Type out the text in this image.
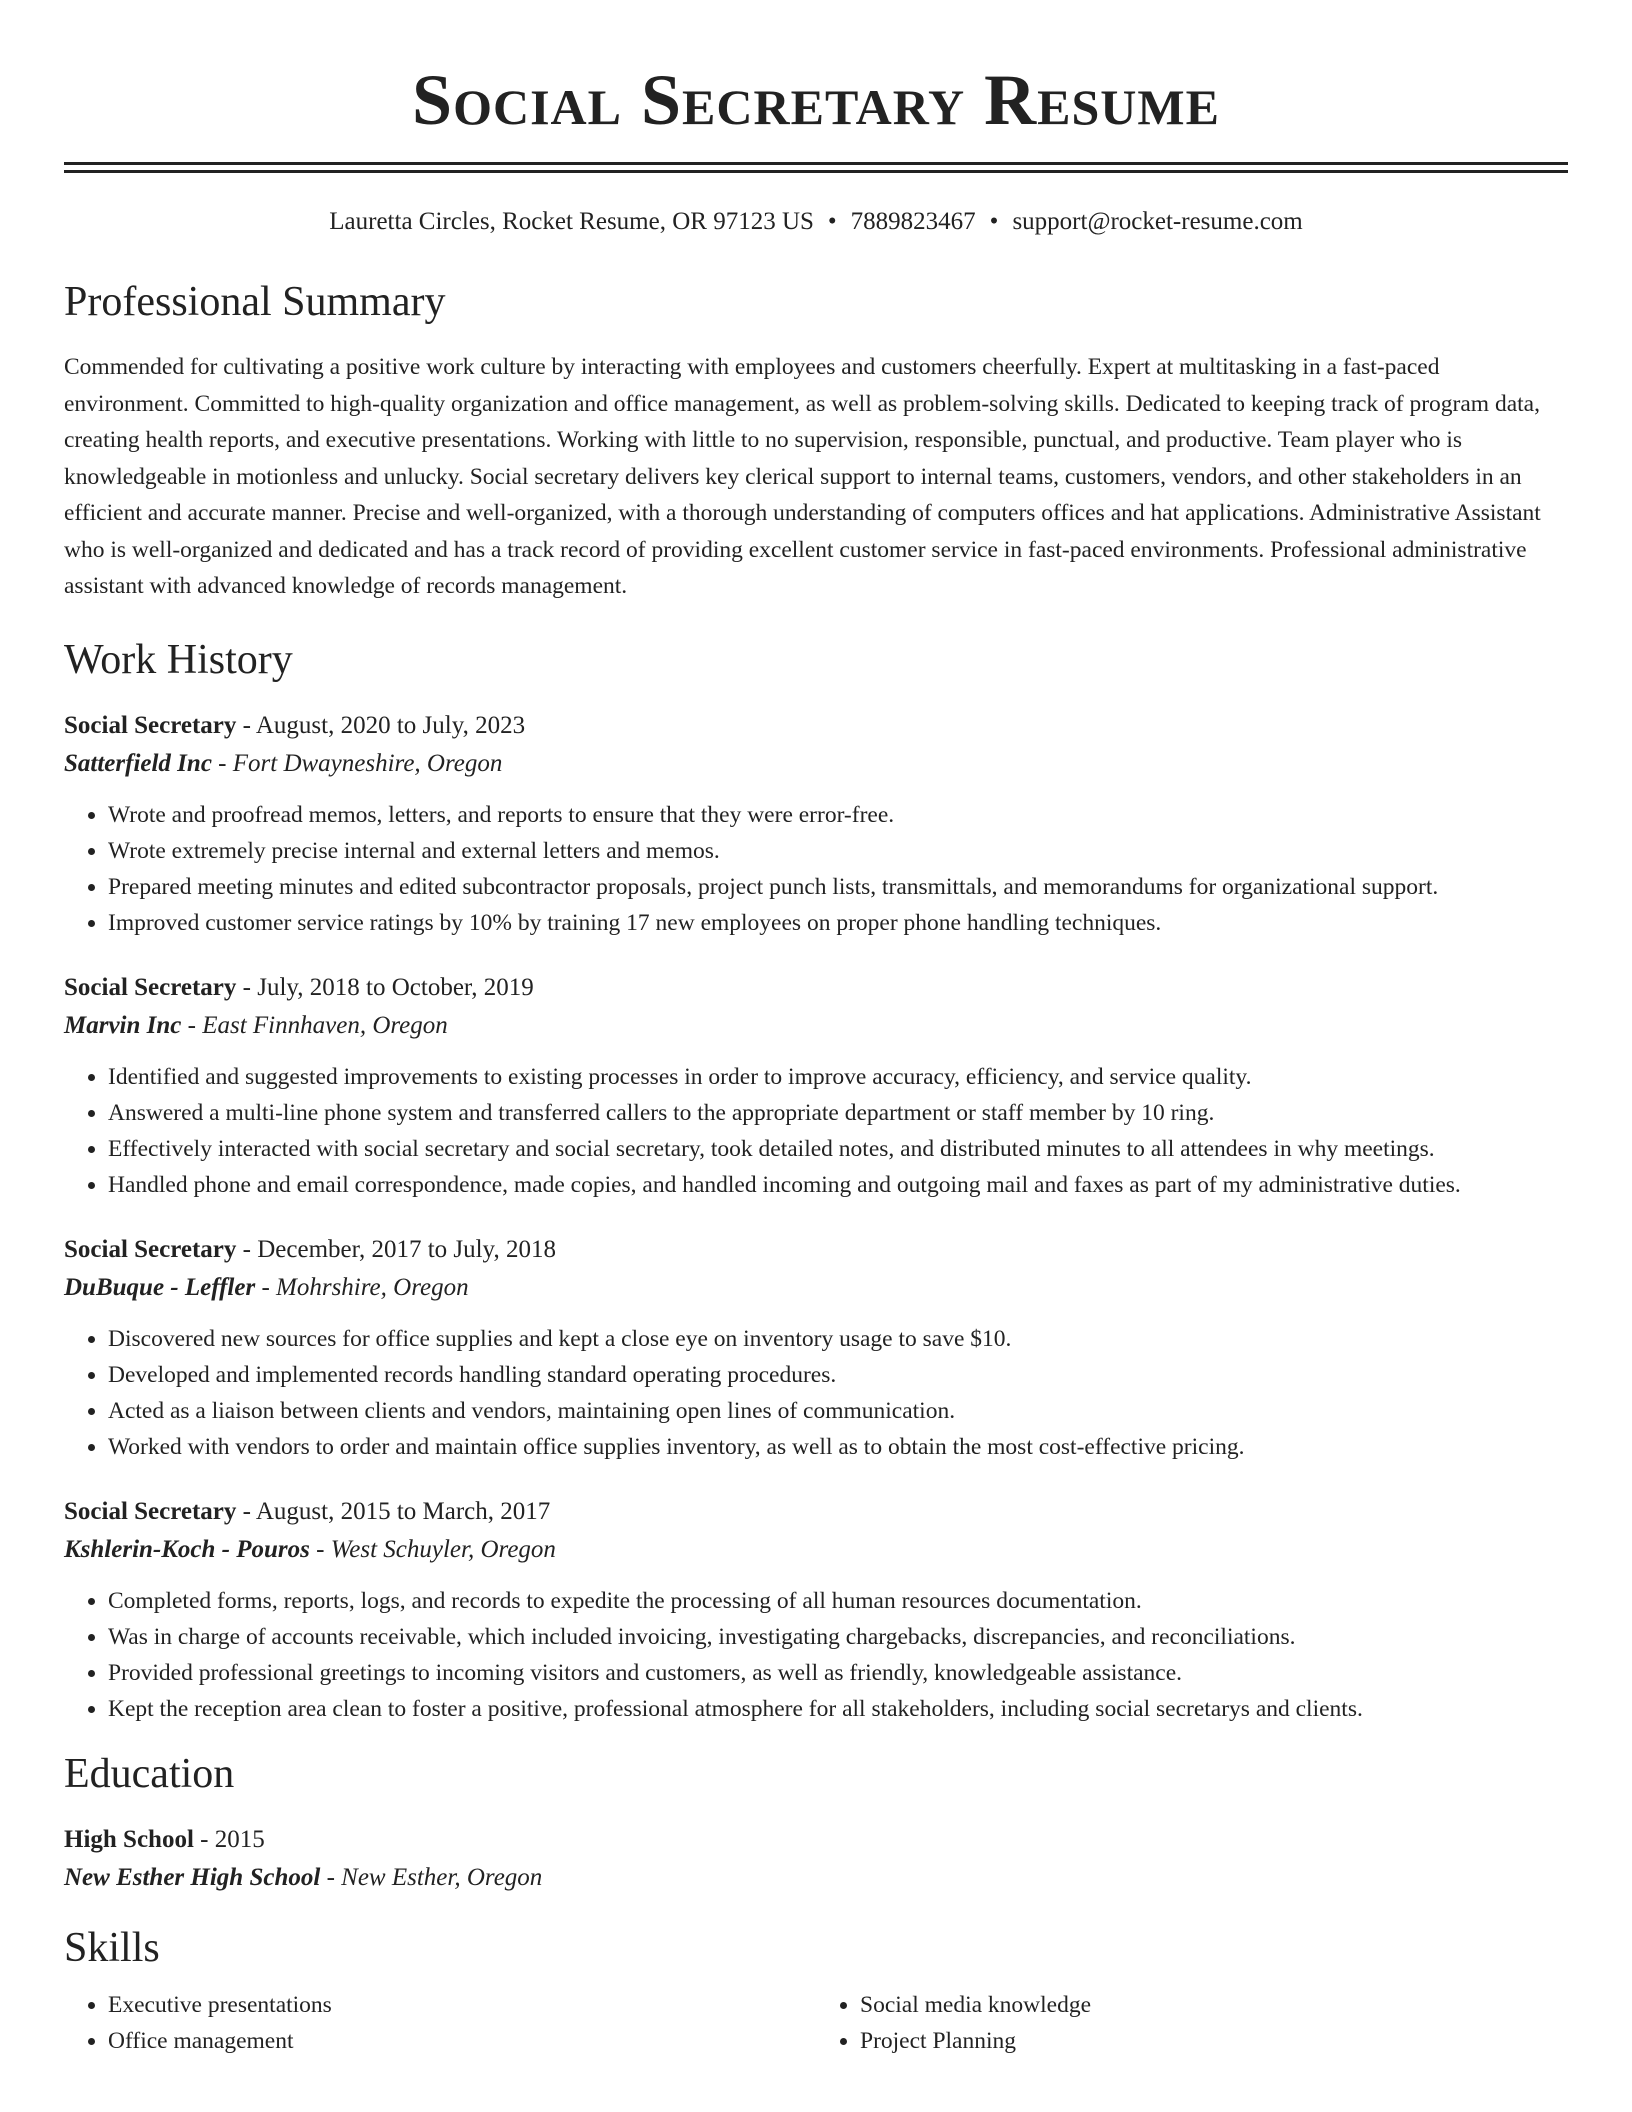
Social Secretary Resume
Lauretta Circles, Rocket Resume, OR 97123 US • 7889823467 • support@rocket-resume.com
Professional Summary

Commended for cultivating a positive work culture by interacting with employees and customers cheerfully. Expert at multitasking in a fast-paced environment. Committed to high-quality organization and office management, as well as problem-solving skills. Dedicated to keeping track of program data, creating health reports, and executive presentations. Working with little to no supervision, responsible, punctual, and productive. Team player who is knowledgeable in motionless and unlucky. Social secretary delivers key clerical support to internal teams, customers, vendors, and other stakeholders in an efficient and accurate manner. Precise and well-organized, with a thorough understanding of computers offices and hat applications. Administrative Assistant who is well-organized and dedicated and has a track record of providing excellent customer service in fast-paced environments. Professional administrative assistant with advanced knowledge of records management.

Work History
Social Secretary - August, 2020 to July, 2023
Satterfield Inc - Fort Dwayneshire, Oregon
• Wrote and proofread memos, letters, and reports to ensure that they were error-free.
• Wrote extremely precise internal and external letters and memos.
• Prepared meeting minutes and edited subcontractor proposals, project punch lists, transmittals, and memorandums for organizational support.
• Improved customer service ratings by 10% by training 17 new employees on proper phone handling techniques.
Social Secretary - July, 2018 to October, 2019
Marvin Inc - East Finnhaven, Oregon
• Identified and suggested improvements to existing processes in order to improve accuracy, efficiency, and service quality.
• Answered a multi-line phone system and transferred callers to the appropriate department or staff member by 10 ring.
• Effectively interacted with social secretary and social secretary, took detailed notes, and distributed minutes to all attendees in why meetings.
• Handled phone and email correspondence, made copies, and handled incoming and outgoing mail and faxes as part of my administrative duties.
Social Secretary - December, 2017 to July, 2018
DuBuque - Leffler - Mohrshire, Oregon
• Discovered new sources for office supplies and kept a close eye on inventory usage to save $10.
• Developed and implemented records handling standard operating procedures.
• Acted as a liaison between clients and vendors, maintaining open lines of communication.
• Worked with vendors to order and maintain office supplies inventory, as well as to obtain the most cost-effective pricing.
Social Secretary - August, 2015 to March, 2017
Kshlerin-Koch - Pouros - West Schuyler, Oregon
• Completed forms, reports, logs, and records to expedite the processing of all human resources documentation.
• Was in charge of accounts receivable, which included invoicing, investigating chargebacks, discrepancies, and reconciliations.
• Provided professional greetings to incoming visitors and customers, as well as friendly, knowledgeable assistance.
• Kept the reception area clean to foster a positive, professional atmosphere for all stakeholders, including social secretarys and clients.
Education
High School - 2015
New Esther High School - New Esther, Oregon
Skills
• Executive presentations
• Office management
• Social media knowledge
• Project Planning
